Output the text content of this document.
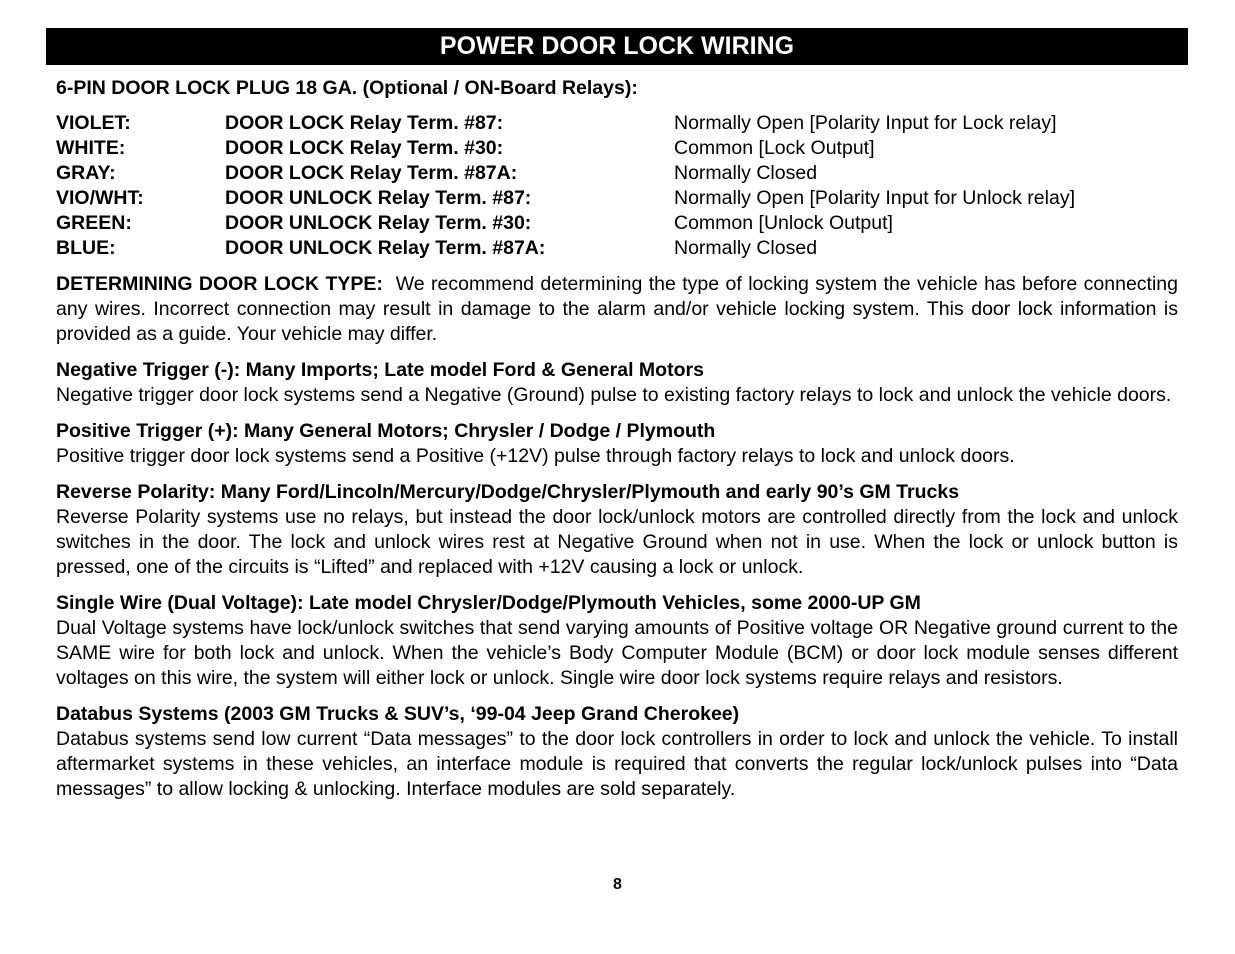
POWER DOOR LOCK WIRING
6-PIN DOOR LOCK PLUG 18 GA. (Optional / ON-Board Relays):
VIOLET:	DOOR LOCK Relay Term. #87:	Normally Open [Polarity Input for Lock relay]
WHITE:	DOOR LOCK Relay Term. #30:	Common [Lock Output]
GRAY:	DOOR LOCK Relay Term. #87A:	Normally Closed
VIO/WHT:	DOOR UNLOCK Relay Term. #87:	Normally Open [Polarity Input for Unlock relay]
GREEN:	DOOR UNLOCK Relay Term. #30:	Common [Unlock Output]
BLUE:	DOOR UNLOCK Relay Term. #87A:	Normally Closed
DETERMINING DOOR LOCK TYPE: We recommend determining the type of locking system the vehicle has before connecting any wires. Incorrect connection may result in damage to the alarm and/or vehicle locking system. This door lock information is provided as a guide. Your vehicle may differ.
Negative Trigger (-): Many Imports; Late model Ford & General Motors
Negative trigger door lock systems send a Negative (Ground) pulse to existing factory relays to lock and unlock the vehicle doors.
Positive Trigger (+): Many General Motors; Chrysler / Dodge / Plymouth
Positive trigger door lock systems send a Positive (+12V) pulse through factory relays to lock and unlock doors.
Reverse Polarity: Many Ford/Lincoln/Mercury/Dodge/Chrysler/Plymouth and early 90’s GM Trucks
Reverse Polarity systems use no relays, but instead the door lock/unlock motors are controlled directly from the lock and unlock switches in the door. The lock and unlock wires rest at Negative Ground when not in use. When the lock or unlock button is pressed, one of the circuits is “Lifted” and replaced with +12V causing a lock or unlock.
Single Wire (Dual Voltage): Late model Chrysler/Dodge/Plymouth Vehicles, some 2000-UP GM
Dual Voltage systems have lock/unlock switches that send varying amounts of Positive voltage OR Negative ground current to the SAME wire for both lock and unlock. When the vehicle’s Body Computer Module (BCM) or door lock module senses different voltages on this wire, the system will either lock or unlock. Single wire door lock systems require relays and resistors.
Databus Systems (2003 GM Trucks & SUV’s, ‘99-04 Jeep Grand Cherokee)
Databus systems send low current “Data messages” to the door lock controllers in order to lock and unlock the vehicle. To install aftermarket systems in these vehicles, an interface module is required that converts the regular lock/unlock pulses into “Data messages” to allow locking & unlocking. Interface modules are sold separately.
8
